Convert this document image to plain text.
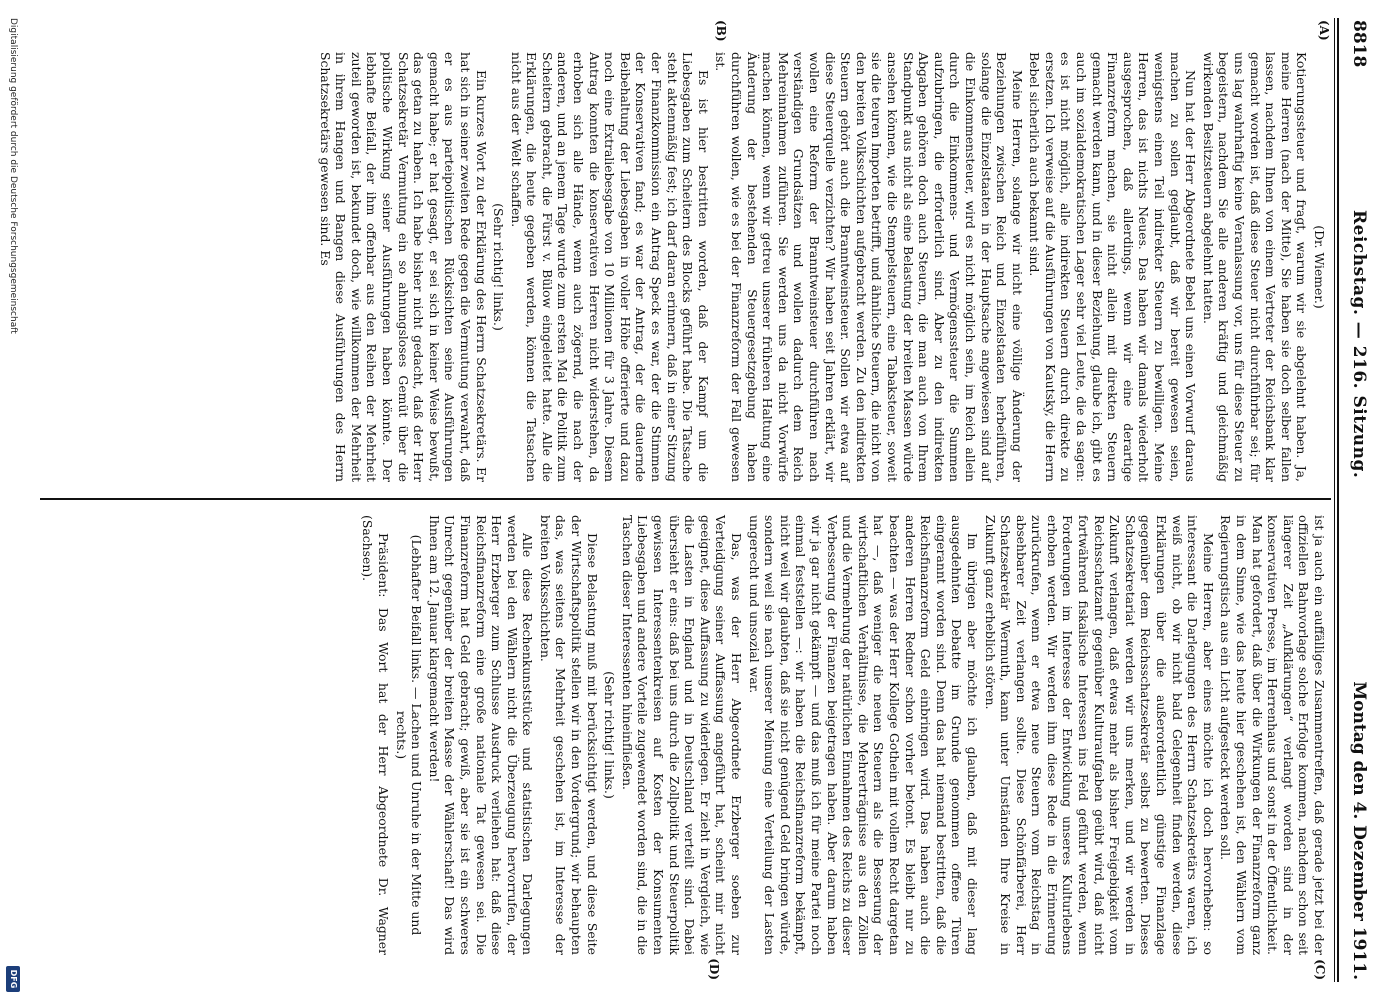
8818
Reichstag. — 216. Sitzung.
Montag den 4. Dezember 1911.
(A)
(B)
(C)
(D)

(Dr. Wiemer.)

Kotierungssteuer und fragt, warum wir sie abgelehnt haben. Ja, meine Herren (nach der Mitte), Sie haben sie doch selber fallen lassen, nachdem Ihnen von einem Vertreter der Reichsbank klar gemacht worden ist, daß diese Steuer nicht durchführbar sei; für uns lag wahrhaftig keine Veranlassung vor, uns für diese Steuer zu begeistern, nachdem Sie alle anderen kräftig und gleichmäßig wirkenden Besitzsteuern abgelehnt hatten.

Nun hat der Herr Abgeordnete Bebel uns einen Vorwurf daraus machen zu sollen geglaubt, daß wir bereit gewesen seien, wenigstens einen Teil indirekter Steuern zu bewilligen. Meine Herren, das ist nichts Neues. Das haben wir damals wiederholt ausgesprochen, daß allerdings, wenn wir eine derartige Finanzreform machen, sie nicht allein mit direkten Steuern gemacht werden kann, und in dieser Beziehung, glaube ich, gibt es auch im sozialdemokratischen Lager sehr viel Leute, die da sagen: es ist nicht möglich, alle indirekten Steuern durch direkte zu ersetzen. Ich verweise auf die Ausführungen von Kautsky, die Herrn Bebel sicherlich auch bekannt sind.

Meine Herren, solange wir nicht eine völlige Änderung der Beziehungen zwischen Reich und Einzelstaaten herbeiführen, solange die Einzelstaaten in der Hauptsache angewiesen sind auf die Einkommensteuer, wird es nicht möglich sein, im Reich allein durch die Einkommens- und Vermögenssteuer die Summen aufzubringen, die erforderlich sind. Aber zu den indirekten Abgaben gehören doch auch Steuern, die man auch von Ihrem Standpunkt aus nicht als eine Belastung der breiten Massen würde ansehen können, wie die Stempelsteuern, eine Tabaksteuer, soweit sie die teuren Importen betrifft, und ähnliche Steuern, die nicht von den breiten Volksschichten aufgebracht werden. Zu den indirekten Steuern gehört auch die Branntweinsteuer. Sollen wir etwa auf diese Steuerquelle verzichten? Wir haben seit Jahren erklärt, wir wollen eine Reform der Branntweinsteuer durchführen nach verständigen Grundsätzen und wollen dadurch dem Reich Mehreinnahmen zuführen. Sie werden uns da nicht Vorwürfe machen können, wenn wir getreu unserer früheren Haltung eine Änderung der bestehenden Steuergesetzgebung haben durchführen wollen, wie es bei der Finanzreform der Fall gewesen ist.

Es ist hier bestritten worden, daß der Kampf um die Liebesgaben zum Scheitern des Blocks geführt habe. Die Tatsache steht aktenmäßig fest; ich darf daran erinnern, daß in einer Sitzung der Finanzkommission ein Antrag Speck es war, der die Stimmen der Konservativen fand; es war der Antrag, der die dauernde Beibehaltung der Liebesgaben in voller Höhe offerierte und dazu noch eine Extraliebesgabe von 10 Millionen für 3 Jahre. Diesem Antrag konnten die konservativen Herren nicht widerstehen, da erhoben sich alle Hände, wenn auch zögernd, die nach der anderen, und an jenem Tage wurde zum ersten Mal die Politik zum Scheitern gebracht, die Fürst v. Bülow eingeleitet hatte. Alle die Erklärungen, die heute gegeben werden, können die Tatsachen nicht aus der Welt schaffen.

(Sehr richtig! links.)

Ein kurzes Wort zu der Erklärung des Herrn Schatzsekretärs. Er hat sich in seiner zweiten Rede gegen die Vermutung verwahrt, daß er es aus parteipolitischen Rücksichten seine Ausführungen gemacht habe; er hat gesagt, er sei sich in keiner Weise bewußt, das getan zu haben. Ich habe bisher nicht gedacht, daß der Herr Schatzsekretär Vermutung ein so ahnungsloses Gemüt über die politische Wirkung seiner Ausführungen haben könnte. Der lebhafte Beifall, der ihm offenbar aus den Reihen der Mehrheit zuteil geworden ist, bekundet doch, wie willkommen der Mehrheit in ihrem Hangen und Bangen diese Ausführungen des Herrn Schatzsekretärs gewesen sind. Es

ist ja auch ein auffälliges Zusammentreffen, daß gerade jetzt bei der offiziellen Bahnvorlage solche Erfolge kommen, nachdem schon seit längerer Zeit „Aufklärungen“ verlangt worden sind in der konservativen Presse, im Herrenhaus und sonst in der Öffentlichkeit. Man hat gefordert, daß über die Wirkungen der Finanzreform ganz in dem Sinne, wie das heute hier geschehen ist, den Wählern vom Regierungstisch aus ein Licht aufgesteckt werden soll.

Meine Herren, aber eines möchte ich doch hervorheben: so interessant die Darlegungen des Herrn Schatzsekretärs waren, ich weiß nicht, ob wir nicht bald Gelegenheit finden werden, diese Erklärungen über die außerordentlich günstige Finanzlage gegenüber dem Reichsschatzsekretär selbst zu bewerten. Dieses Schatzsekretariat werden wir uns merken, und wir werden in Zukunft verlangen, daß etwas mehr als bisher Freigebigkeit vom Reichsschatzamt gegenüber Kulturaufgaben geübt wird, daß nicht fortwährend fiskalische Interessen ins Feld geführt werden, wenn Forderungen im Interesse der Entwicklung unseres Kulturlebens erhoben werden. Wir werden ihm diese Rede in die Erinnerung zurückrufen, wenn er etwa neue Steuern vom Reichstag in absehbarer Zeit verlangen sollte. Diese Schönfärberei, Herr Schatzsekretär Wermuth, kann unter Umständen Ihre Kreise in Zukunft ganz erheblich stören.

Im übrigen aber möchte ich glauben, daß mit dieser lang ausgedehnten Debatte im Grunde genommen offene Türen eingerannt worden sind. Denn das hat niemand bestritten, daß die Reichsfinanzreform Geld einbringen wird. Das haben auch die anderen Herren Redner schon vorher betont. Es bleibt nur zu beachten — was der Herr Kollege Gothein mit vollem Recht dargetan hat —, daß weniger die neuen Steuern als die Besserung der wirtschaftlichen Verhältnisse, die Mehrerträgnisse aus den Zöllen und die Vermehrung der natürlichen Einnahmen des Reichs zu dieser Verbesserung der Finanzen beigetragen haben. Aber darum haben wir ja gar nicht gekämpft — und das muß ich für meine Partei noch einmal feststellen —: wir haben die Reichsfinanzreform bekämpft, nicht weil wir glaubten, daß sie nicht genügend Geld bringen würde, sondern weil sie nach unserer Meinung eine Verteilung der Lasten ungerecht und unsozial war.

Das, was der Herr Abgeordnete Erzberger soeben zur Verteidigung seiner Auffassung angeführt hat, scheint mir nicht geeignet, diese Auffassung zu widerlegen. Er zieht in Vergleich, wie die Lasten in England und in Deutschland verteilt sind. Dabei übersieht er eins: daß bei uns durch die Zollpolitik und Steuerpolitik gewissen Interessentenkreisen auf Kosten der Konsumenten Liebesgaben und andere Vorteile zugewendet worden sind, die in die Taschen dieser Interessenten hineinfließen.

(Sehr richtig! links.)

Diese Belastung muß mit berücksichtigt werden, und diese Seite der Wirtschaftspolitik stellen wir in den Vordergrund; wir behaupten das, was seitens der Mehrheit geschehen ist, im Interesse der breiten Volksschichten.

Alle diese Rechenkunststücke und statistischen Darlegungen werden bei den Wählern nicht die Überzeugung hervorrufen, der Herr Erzberger zum Schlusse Ausdruck verliehen hat: daß diese Reichsfinanzreform eine große nationale Tat gewesen sei. Die Finanzreform hat Geld gebracht; gewiß, aber sie ist ein schweres Unrecht gegenüber der breiten Masse der Wählerschaft! Das wird Ihnen am 12. Januar klargemacht werden!

(Lebhafter Beifall links. — Lachen und Unruhe in der Mitte und rechts.)

Präsident: Das Wort hat der Herr Abgeordnete Dr. Wagner (Sachsen).

Digitalisierung gefördert durch die Deutsche Forschungsgemeinschaft
DFG
